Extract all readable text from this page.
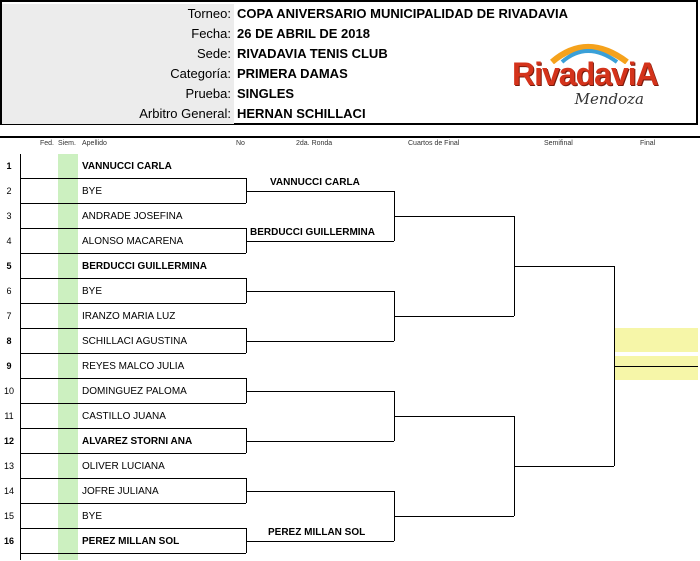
Torneo: COPA ANIVERSARIO MUNICIPALIDAD DE RIVADAVIA
Fecha: 26 DE ABRIL DE 2018
Sede: RIVADAVIA TENIS CLUB
Categoría: PRIMERA DAMAS
Prueba: SINGLES
Arbitro General: HERNAN SCHILLACI
RivadaviA
Mendoza
Fed. Siem. Apellido	No	2da. Ronda	Cuartos de Final	Semifinal	Final
1	VANNUCCI CARLA
2	BYE
3	ANDRADE JOSEFINA
4	ALONSO MACARENA
5	BERDUCCI GUILLERMINA
6	BYE
7	IRANZO MARIA LUZ
8	SCHILLACI AGUSTINA
9	REYES MALCO JULIA
10	DOMINGUEZ PALOMA
11	CASTILLO JUANA
12	ALVAREZ STORNI ANA
13	OLIVER LUCIANA
14	JOFRE JULIANA
15	BYE
16	PEREZ MILLAN SOL
VANNUCCI CARLA
BERDUCCI GUILLERMINA
PEREZ MILLAN SOL
